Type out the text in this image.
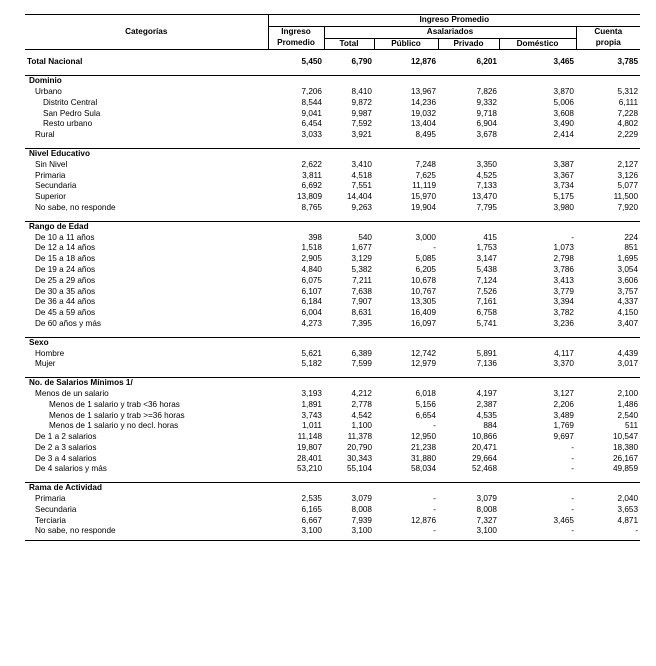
Categorías	Ingreso Promedio					
	Ingreso	Asalariados				Cuenta
	Promedio	Total	Público	Privado	Doméstico	propia

Total Nacional	5,450	6,790	12,876	6,201	3,465	3,785

Dominio						
Urbano	7,206	8,410	13,967	7,826	3,870	5,312
Distrito Central	8,544	9,872	14,236	9,332	5,006	6,111
San Pedro Sula	9,041	9,987	19,032	9,718	3,608	7,228
Resto urbano	6,454	7,592	13,404	6,904	3,490	4,802
Rural	3,033	3,921	8,495	3,678	2,414	2,229

Nivel Educativo						
Sin Nivel	2,622	3,410	7,248	3,350	3,387	2,127
Primaria	3,811	4,518	7,625	4,525	3,367	3,126
Secundaria	6,692	7,551	11,119	7,133	3,734	5,077
Superior	13,809	14,404	15,970	13,470	5,175	11,500
No sabe, no responde	8,765	9,263	19,904	7,795	3,980	7,920

Rango de Edad						
De 10 a 11 años	398	540	3,000	415	-	224
De 12 a 14 años	1,518	1,677	-	1,753	1,073	851
De 15 a 18 años	2,905	3,129	5,085	3,147	2,798	1,695
De 19 a 24 años	4,840	5,382	6,205	5,438	3,786	3,054
De 25 a 29 años	6,075	7,211	10,678	7,124	3,413	3,606
De 30 a 35 años	6,107	7,638	10,767	7,526	3,779	3,757
De 36 a 44 años	6,184	7,907	13,305	7,161	3,394	4,337
De 45 a 59 años	6,004	8,631	16,409	6,758	3,782	4,150
De 60 años y más	4,273	7,395	16,097	5,741	3,236	3,407

Sexo						
Hombre	5,621	6,389	12,742	5,891	4,117	4,439
Mujer	5,182	7,599	12,979	7,136	3,370	3,017

No. de Salarios Mínimos 1/						
Menos de un salario	3,193	4,212	6,018	4,197	3,127	2,100
Menos de 1 salario y trab <36 horas	1,891	2,778	5,156	2,387	2,206	1,486
Menos de 1 salario y trab >=36 horas	3,743	4,542	6,654	4,535	3,489	2,540
Menos de 1 salario y no decl. horas	1,011	1,100	-	884	1,769	511
De 1 a 2 salarios	11,148	11,378	12,950	10,866	9,697	10,547
De 2 a 3 salarios	19,807	20,790	21,238	20,471	-	18,380
De 3 a 4 salarios	28,401	30,343	31,880	29,664	-	26,167
De 4 salarios y más	53,210	55,104	58,034	52,468	-	49,859

Rama de Actividad						
Primaria	2,535	3,079	-	3,079	-	2,040
Secundaria	6,165	8,008	-	8,008	-	3,653
Terciaria	6,667	7,939	12,876	7,327	3,465	4,871
No sabe, no responde	3,100	3,100	-	3,100	-	-
